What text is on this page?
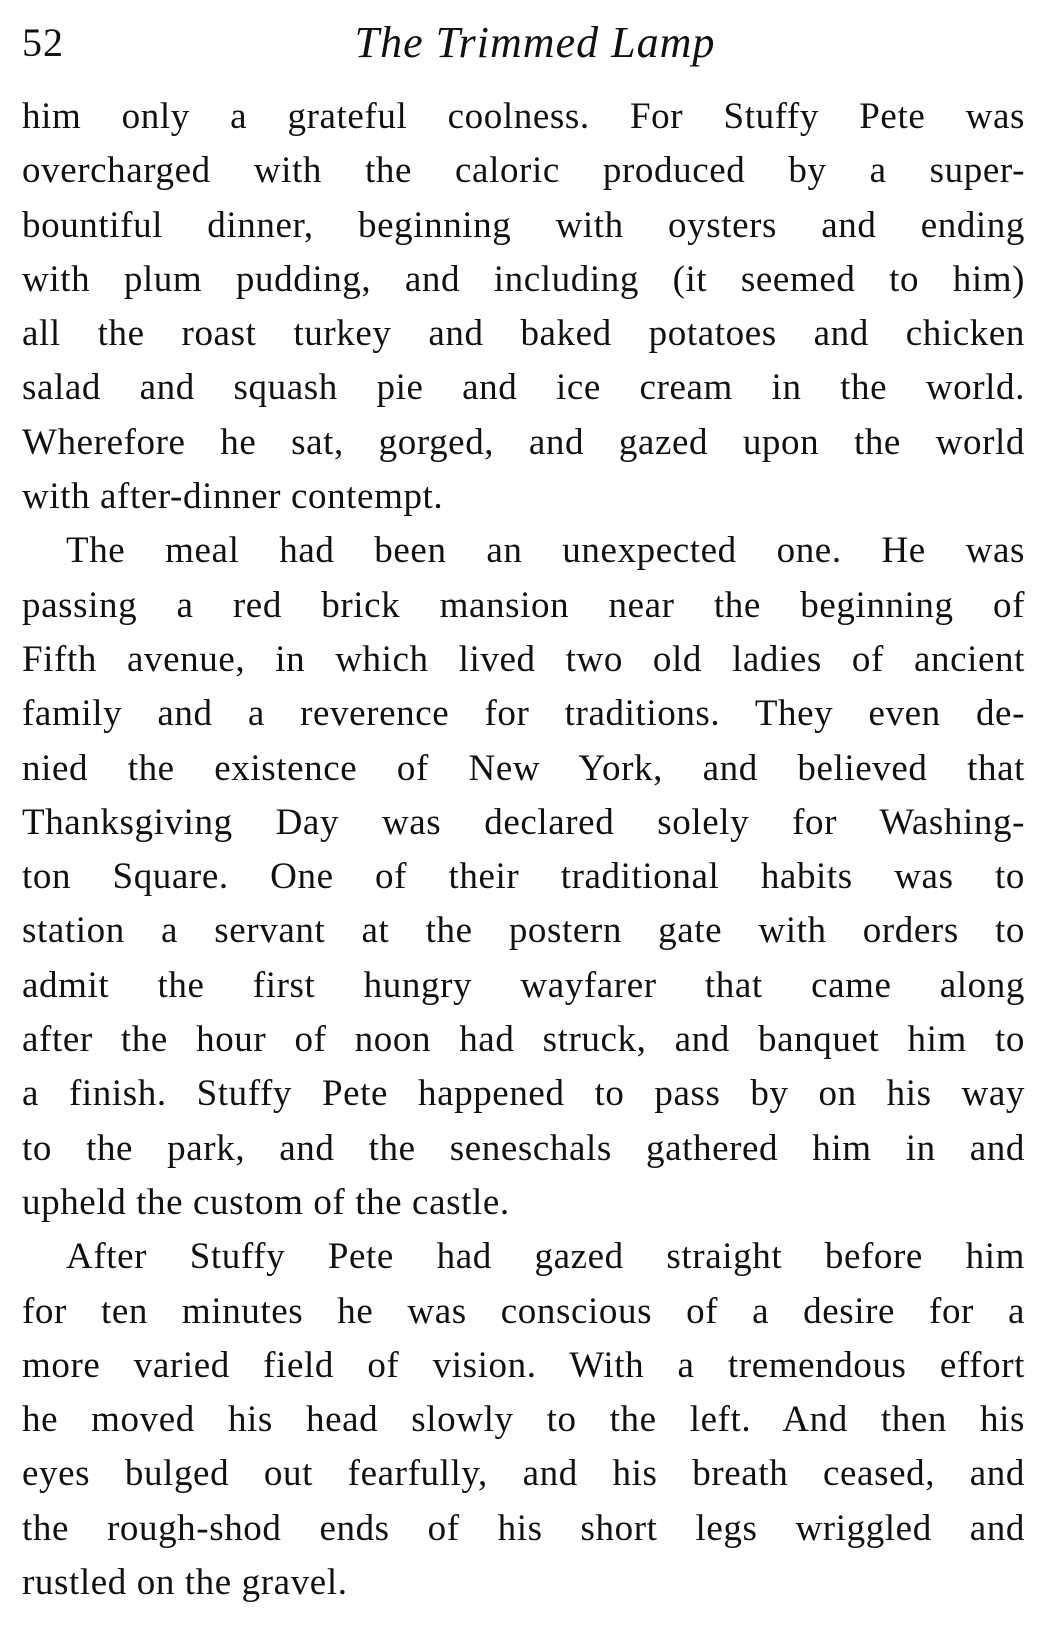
52	The Trimmed Lamp
him only a grateful coolness. For Stuffy Pete was
overcharged with the caloric produced by a super-
bountiful dinner, beginning with oysters and ending
with plum pudding, and including (it seemed to him)
all the roast turkey and baked potatoes and chicken
salad and squash pie and ice cream in the world.
Wherefore he sat, gorged, and gazed upon the world
with after-dinner contempt.
The meal had been an unexpected one. He was
passing a red brick mansion near the beginning of
Fifth avenue, in which lived two old ladies of ancient
family and a reverence for traditions. They even de-
nied the existence of New York, and believed that
Thanksgiving Day was declared solely for Washing-
ton Square. One of their traditional habits was to
station a servant at the postern gate with orders to
admit the first hungry wayfarer that came along
after the hour of noon had struck, and banquet him to
a finish. Stuffy Pete happened to pass by on his way
to the park, and the seneschals gathered him in and
upheld the custom of the castle.
After Stuffy Pete had gazed straight before him
for ten minutes he was conscious of a desire for a
more varied field of vision. With a tremendous effort
he moved his head slowly to the left. And then his
eyes bulged out fearfully, and his breath ceased, and
the rough-shod ends of his short legs wriggled and
rustled on the gravel.
